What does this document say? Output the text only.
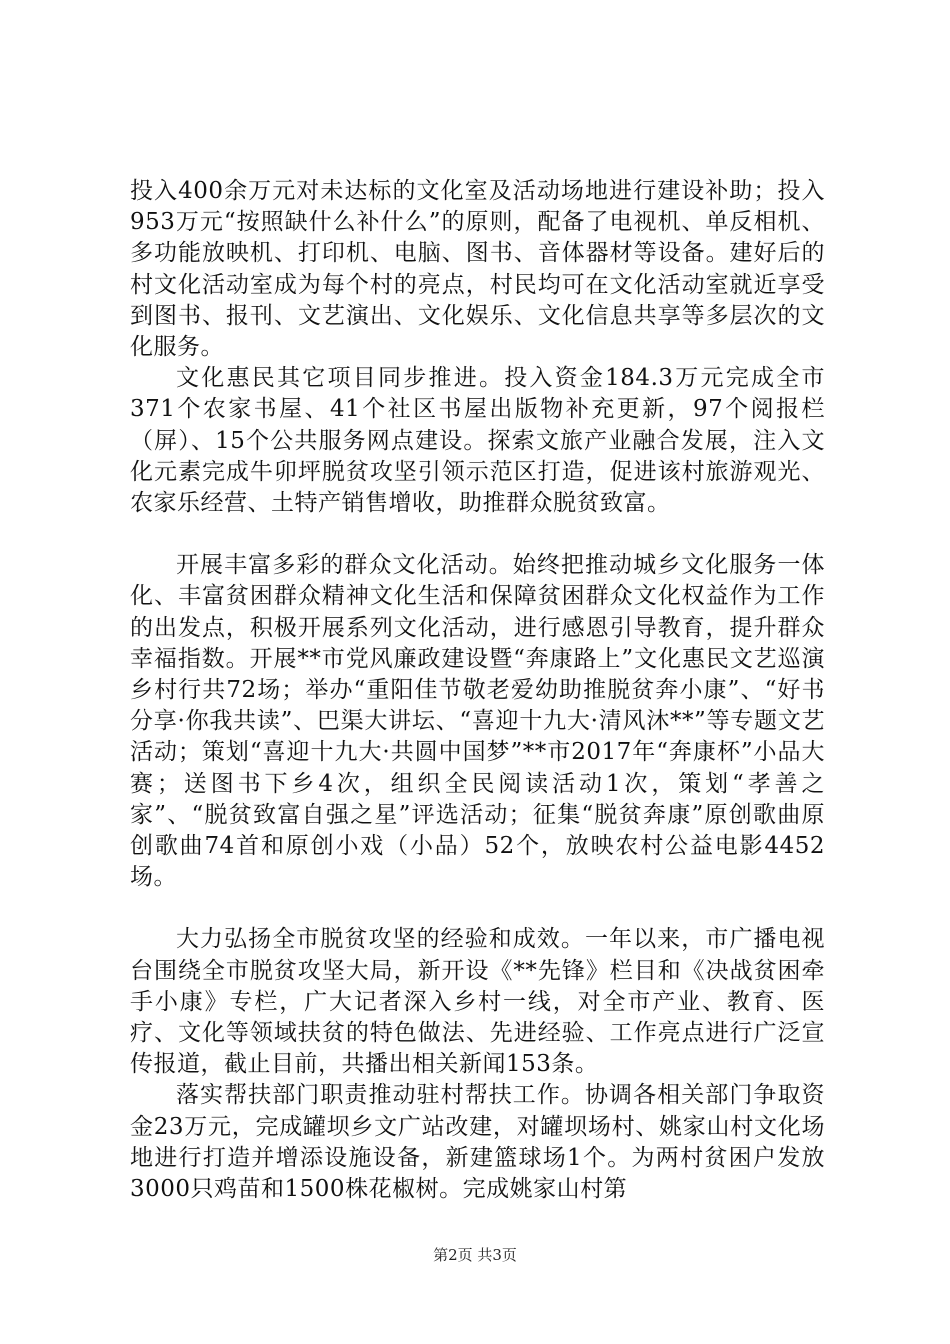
投入400余万元对未达标的文化室及活动场地进行建设补助；投入953万元“按照缺什么补什么”的原则，配备了电视机、单反相机、多功能放映机、打印机、电脑、图书、音体器材等设备。建好后的村文化活动室成为每个村的亮点，村民均可在文化活动室就近享受到图书、报刊、文艺演出、文化娱乐、文化信息共享等多层次的文化服务。

文化惠民其它项目同步推进。投入资金184.3万元完成全市371个农家书屋、41个社区书屋出版物补充更新，97个阅报栏（屏）、15个公共服务网点建设。探索文旅产业融合发展，注入文化元素完成牛卯坪脱贫攻坚引领示范区打造，促进该村旅游观光、农家乐经营、土特产销售增收，助推群众脱贫致富。

开展丰富多彩的群众文化活动。始终把推动城乡文化服务一体化、丰富贫困群众精神文化生活和保障贫困群众文化权益作为工作的出发点，积极开展系列文化活动，进行感恩引导教育，提升群众幸福指数。开展**市党风廉政建设暨“奔康路上”文化惠民文艺巡演乡村行共72场；举办“重阳佳节敬老爱幼助推脱贫奔小康”、“好书分享·你我共读”、巴渠大讲坛、“喜迎十九大·清风沐**”等专题文艺活动；策划“喜迎十九大·共圆中国梦”**市2017年“奔康杯”小品大赛；送图书下乡4次，组织全民阅读活动1次，策划“孝善之家”、“脱贫致富自强之星”评选活动；征集“脱贫奔康”原创歌曲原创歌曲74首和原创小戏（小品）52个，放映农村公益电影4452场。

大力弘扬全市脱贫攻坚的经验和成效。一年以来，市广播电视台围绕全市脱贫攻坚大局，新开设《**先锋》栏目和《决战贫困牵手小康》专栏，广大记者深入乡村一线，对全市产业、教育、医疗、文化等领域扶贫的特色做法、先进经验、工作亮点进行广泛宣传报道，截止目前，共播出相关新闻153条。

落实帮扶部门职责推动驻村帮扶工作。协调各相关部门争取资金23万元，完成罐坝乡文广站改建，对罐坝场村、姚家山村文化场地进行打造并增添设施设备，新建篮球场1个。为两村贫困户发放3000只鸡苗和1500株花椒树。完成姚家山村第

第2页 共3页
